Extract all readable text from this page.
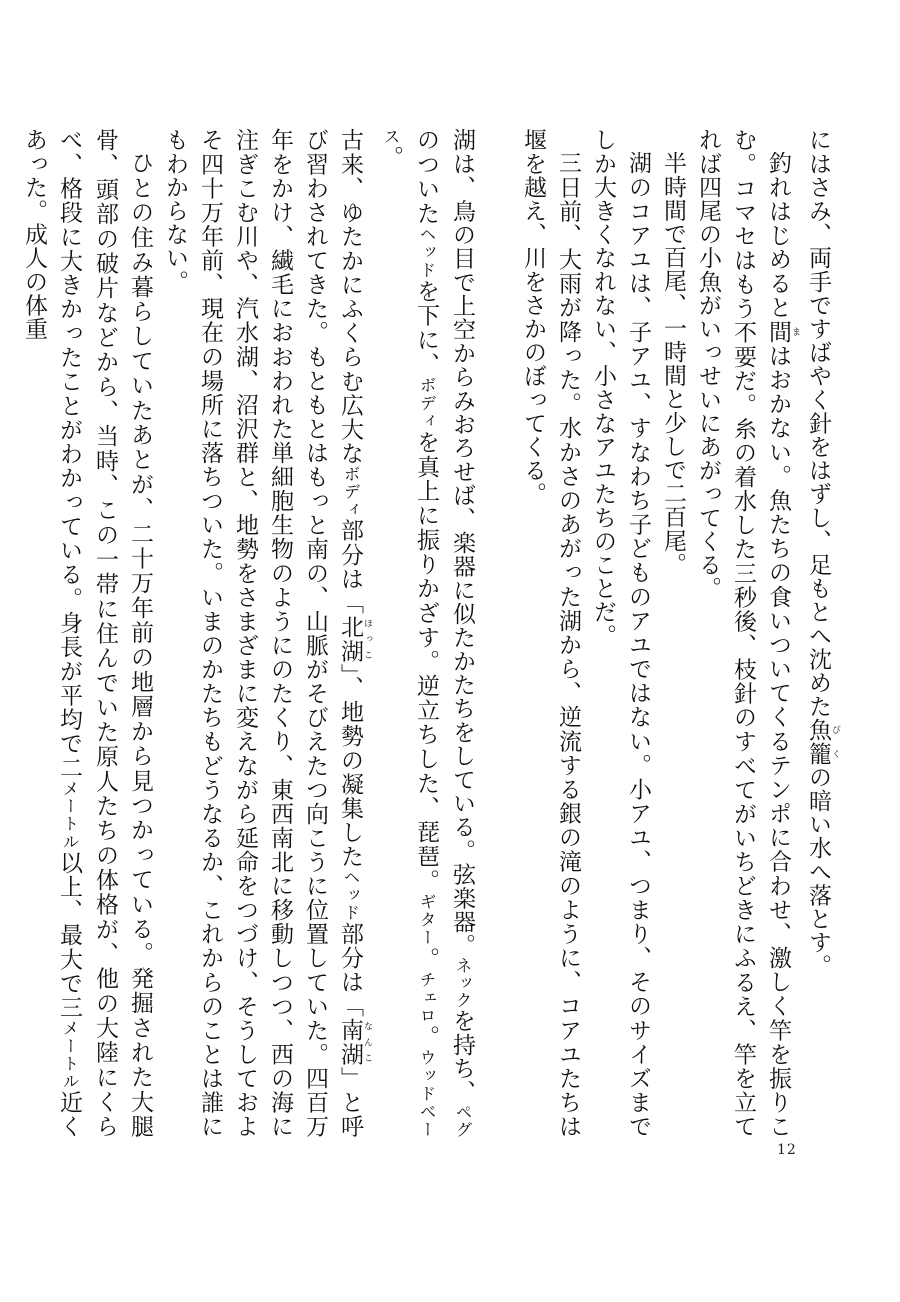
にはさみ、両手ですばやく針をはずし、足もとへ沈めた魚籠 びくの暗い水へ落とす。

釣れはじめると間 まはおかない。魚たちの食いついてくるテンポに合わせ、激しく竿を振りこむ。コマセはもう不要だ。糸の着水した三秒後、枝針のすべてがいちどきにふるえ、竿を立てれば四尾の小魚がいっせいにあがってくる。

半時間で百尾、一時間と少しで二百尾。

湖のコアユは、子アユ、すなわち子どものアユではない。小アユ、つまり、そのサイズまでしか大きくなれない、小さなアユたちのことだ。

三日前、大雨が降った。水かさのあがった湖から、逆流する銀の滝のように、コアユたちは堰を越え、川をさかのぼってくる。

湖は、鳥の目で上空からみおろせば、楽器に似たかたちをしている。弦楽器。ネックを持ち、ペグのついたヘッドを下に、ボディを真上に振りかざす。逆立ちした、琵琶。ギター。チェロ。ウッドベース。

古来、ゆたかにふくらむ広大なボディ部分は「北湖 ほっこ」、地勢の凝集したヘッド部分は「南湖 なんこ」と呼び習わされてきた。もともとはもっと南の、山脈がそびえたつ向こうに位置していた。四百万年をかけ、繊毛におおわれた単細胞生物のようにのたくり、東西南北に移動しつつ、西の海に注ぎこむ川や、汽水湖、沼沢群と、地勢をさまざまに変えながら延命をつづけ、そうしておよそ四十万年前、現在の場所に落ちついた。いまのかたちもどうなるか、これからのことは誰にもわからない。

ひとの住み暮らしていたあとが、二十万年前の地層から見つかっている。発掘された大腿骨、頭部の破片などから、当時、この一帯に住んでいた原人たちの体格が、他の大陸にくらべ、格段に大きかったことがわかっている。身長が平均で二メートル以上、最大で三メートル近くあった。成人の体重

12
